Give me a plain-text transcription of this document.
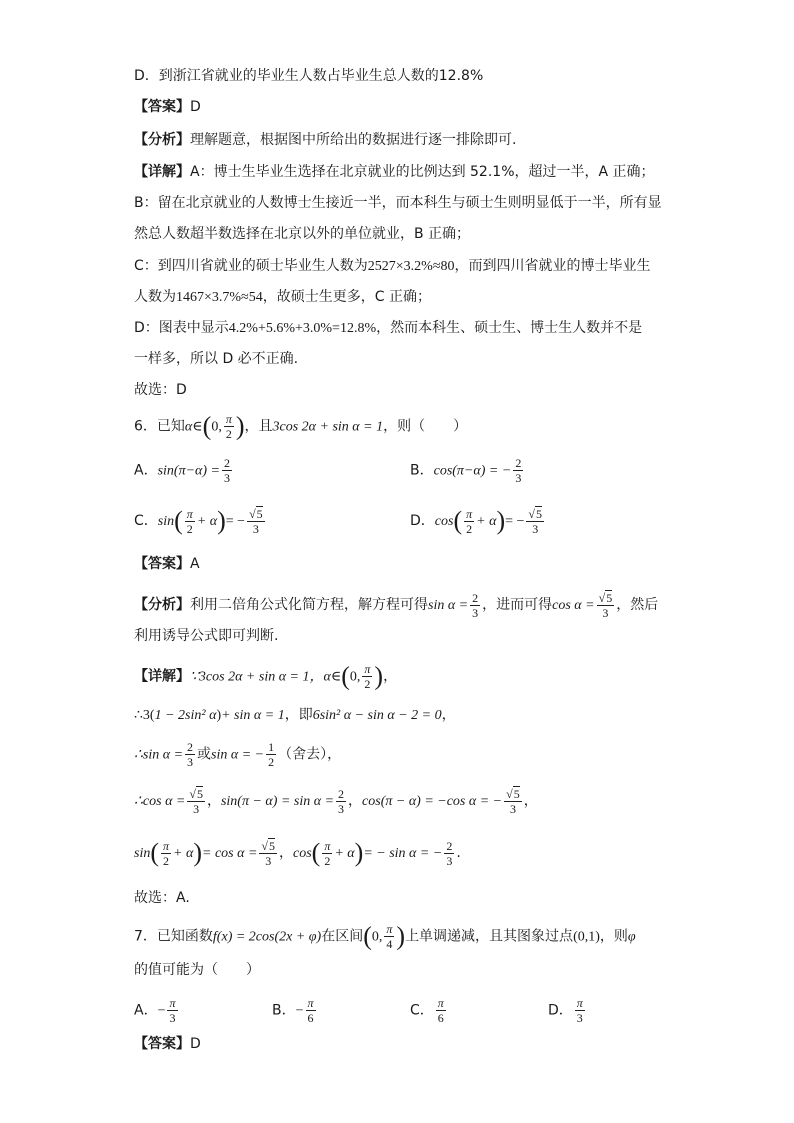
D．到浙江省就业的毕业生人数占毕业生总人数的12.8%
【答案】D
【分析】理解题意，根据图中所给出的数据进行逐一排除即可.
【详解】A：博士生毕业生选择在北京就业的比例达到 52.1%，超过一半，A 正确；
B：留在北京就业的人数博士生接近一半，而本科生与硕士生则明显低于一半，所有显
然总人数超半数选择在北京以外的单位就业，B 正确；
C：到四川省就业的硕士毕业生人数为2527×3.2%≈80，而到四川省就业的博士毕业生
人数为1467×3.7%≈54，故硕士生更多，C 正确；
D：图表中显示4.2%+5.6%+3.0%=12.8%，然而本科生、硕士生、博士生人数并不是
一样多，所以 D 必不正确.
故选：D
6．已知α∈(0, $\frac{\pi}{2}$ )，且3cos 2α + sin α = 1，则（　　）
A．$\sin(\pi-\alpha) = \frac{2}{3}$	B．cos(π−α) = − $\frac{2}{3}$
C．$\sin( \frac{\pi}{2} + \alpha)= - \frac{√5}{3}$	D．$\cos( \frac{\pi}{2} + \alpha)= - \frac{√5}{3}$
【答案】A
【分析】利用二倍角公式化简方程，解方程可得$\sin \alpha = \frac{2}{3}$ ，进而可得$\cos \alpha = \frac{√5}{3}$ ，然后
利用诱导公式即可判断.
【详解】∵3cos 2α + sin α = 1，α∈(0, $\frac{\pi}{2}$ )，
∴3(1 − 2sin² α)+ sin α = 1，即6sin² α − sin α − 2 = 0，
∴sin $\alpha = \frac{2}{3}$ 或sin α = − $\frac{1}{2}$ （舍去），
∴cos $\alpha = \frac{√5}{3}$ ，$\sin(\pi - \alpha) = \sin \alpha = \frac{2}{3}$ ，cos(π − α) = −cos α = − $\frac{√5}{3}$ ，
$\sin( \frac{\pi}{2} + \alpha)= \cos \alpha = \frac{√5}{3}$ ，$\cos( \frac{\pi}{2} + \alpha)= - \sin \alpha$ = − $\frac{2}{3}$ .
故选：A.
7．已知函数f(x) = 2cos(2x + φ)在区间(0, $\frac{\pi}{4}$ )上单调递减，且其图象过点(0,1)，则φ
的值可能为（　　）
A．− $\frac{\pi}{3}$	B．− $\frac{\pi}{6}$	C． $\frac{\pi}{6}$	D． $\frac{\pi}{3}$
【答案】D
